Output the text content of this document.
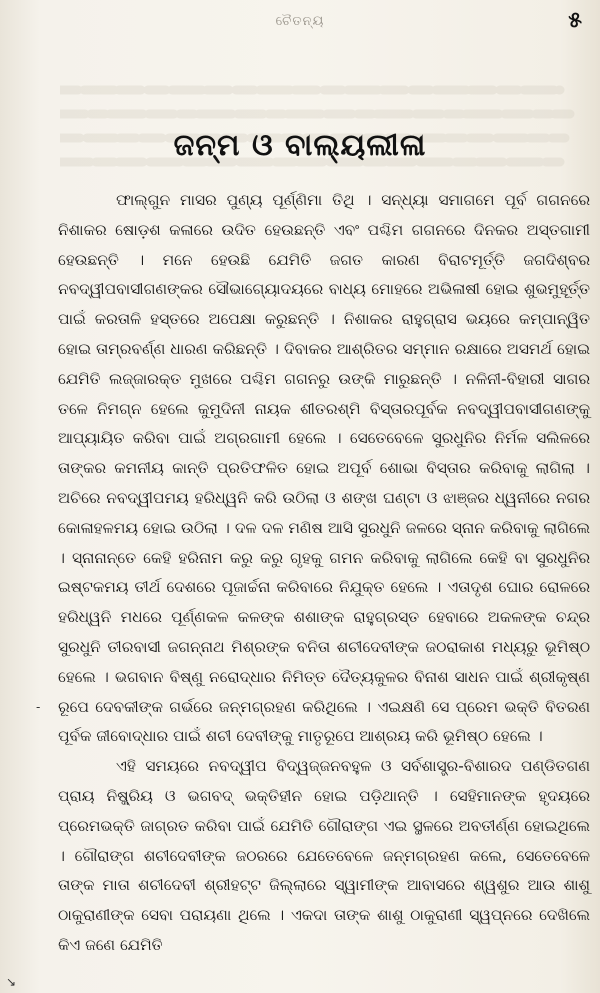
ଚୈତନ୍ୟ	୫
ଜନ୍ମ ଓ ବାଲ୍ୟଲୀଳା

ଫାଲ୍‌ଗୁନ ମାସର ପୁଣ୍ୟ ପୂର୍ଣ୍ଣିମା ତିଥି । ସନ୍ଧ୍ୟା ସମାଗମେ ପୂର୍ବ ଗଗନରେ ନିଶାକର ଷୋଡ଼ଶ କଳାରେ ଉଦିତ ହେଉଛନ୍ତି ଏବଂ ପଶ୍ଚିମ ଗଗନରେ ଦିନକର ଅସ୍ତଗାମୀ ହେଉଛନ୍ତି । ମନେ ହେଉଛି ଯେମିତି ଜଗତ କାରଣ ବିରାଟମୂର୍ତ୍ତି ଜଗଦିଶ୍ବର ନବଦ୍ୱୀପବାସୀଗଣଙ୍କର ସୌଭାଗ୍ୟୋଦୟରେ ବାଧ୍ୟ ମୋହରେ ଅଭିଳାଷୀ ହୋଇ ଶୁଭମୁହୂର୍ତ୍ତ ପାଇଁ କରତାଳି ହସ୍ତରେ ଅପେକ୍ଷା କରୁଛନ୍ତି । ନିଶାକର ରାହୁଗ୍ରାସ ଭୟରେ କମ୍ପାନ୍ୱିତ ହୋଇ ତାମ୍ରବର୍ଣ୍ଣ ଧାରଣ କରିଛନ୍ତି । ଦିବାକର ଆଶ୍ରିତର ସମ୍ମାନ ରକ୍ଷାରେ ଅସମର୍ଥ ହୋଇ ଯେମିତି ଲଜ୍ଜାରକ୍ତ ମୁଖରେ ପଶ୍ଚିମ ଗଗନରୁ ଉଙ୍କି ମାରୁଛନ୍ତି । ନଳିନୀ-ବିହାରୀ ସାଗର ତଳେ ନିମଗ୍ନ ହେଲେ କୁମୁଦିନୀ ନାୟକ ଶୀତରଶ୍ମି ବିସ୍ତାରପୂର୍ବକ ନବଦ୍ୱୀପବାସୀଗଣଙ୍କୁ ଆପ୍ୟାୟିତ କରିବା ପାଇଁ ଅଗ୍ରଗାମୀ ହେଲେ । ସେତେବେଳେ ସୁରଧୁନିର ନିର୍ମଳ ସଲିଳରେ ତାଙ୍କର କମନୀୟ କାନ୍ତି ପ୍ରତିଫଳିତ ହୋଇ ଅପୂର୍ବ ଶୋଭା ବିସ୍ତାର କରିବାକୁ ଲାଗିଲା । ଅଚିରେ ନବଦ୍ୱୀପମୟ ହରିଧ୍ୱନି କରି ଉଠିଲା ଓ ଶଙ୍ଖ ଘଣ୍ଟା ଓ ଝାଞ୍ଜର ଧ୍ୱନୀରେ ନଗର କୋଳାହଳମୟ ହୋଇ ଉଠିଲା । ଦଳ ଦଳ ମଣିଷ ଆସି ସୁରଧୁନି ଜଳରେ ସ୍ନାନ କରିବାକୁ ଲାଗିଲେ । ସ୍ନାନାନ୍ତେ କେହି ହରିନାମ କରୁ କରୁ ଗୃହକୁ ଗମନ କରିବାକୁ ଲାଗିଲେ କେହି ବା ସୁରଧୁନିର ଇଷ୍ଟକମୟ ତୀର୍ଥ ଦେଶରେ ପୂଜାର୍ଚ୍ଚନା କରିବାରେ ନିଯୁକ୍ତ ହେଲେ । ଏତାଦୃଶ ଘୋର ରୋଳରେ ହରିଧ୍ୱନି ମଧରେ ପୂର୍ଣ୍ଣକଳ କଳଙ୍କ ଶଶାଙ୍କ ରାହୁଗ୍ରସ୍ତ ହେବାରେ ଅକଳଙ୍କ ଚନ୍ଦ୍ର ସୁରଧୁନି ତୀରବାସୀ ଜଗନ୍ନାଥ ମିଶ୍ରଙ୍କ ବନିତା ଶଚୀଦେବୀଙ୍କ ଜଠରାକାଶ ମଧ୍ୟରୁ ଭୂମିଷ୍ଠ ହେଲେ । ଭଗବାନ ବିଷ୍ଣୁ ନରୋଦ୍ଧାର ନିମିତ୍ତ ଦୈତ୍ୟକୁଳର ବିନାଶ ସାଧନ ପାଇଁ ଶ୍ରୀକୃଷ୍ଣ ରୂପେ ଦେବକୀଙ୍କ ଗର୍ଭରେ ଜନ୍ମଗ୍ରହଣ କରିଥିଲେ । ଏଇକ୍ଷଣି ସେ ପ୍ରେମ ଭକ୍ତି ବିତରଣ ପୂର୍ବକ ଜୀବୋଦ୍ଧାର ପାଇଁ ଶଚୀ ଦେବୀଙ୍କୁ ମାତୃରୂପେ ଆଶ୍ରୟ କରି ଭୂମିଷ୍ଠ ହେଲେ ।

ଏହି ସମୟରେ ନବଦ୍ୱୀପ ବିଦ୍ୱଜ୍ଜନବହୁଳ ଓ ସର୍ବଶାସ୍ତ୍ର-ବିଶାରଦ ପଣ୍ଡିତଗଣ ପ୍ରାୟ ନିଷ୍କ୍ରିୟ ଓ ଭଗବଦ୍ ଭକ୍ତିହୀନ ହୋଇ ପଡ଼ିଥାନ୍ତି । ସେହିମାନଙ୍କ ହୃଦୟରେ ପ୍ରେମଭକ୍ତି ଜାଗ୍ରତ କରିବା ପାଇଁ ଯେମିତି ଗୌରାଙ୍ଗ ଏଇ ସ୍ଥଳରେ ଅବତୀର୍ଣ୍ଣ ହୋଇଥିଲେ । ଗୌରାଙ୍ଗ ଶଚୀଦେବୀଙ୍କ ଜଠରରେ ଯେତେବେଳେ ଜନ୍ମଗ୍ରହଣ କଲେ, ସେତେବେଳେ ତାଙ୍କ ମାତା ଶଚୀଦେବୀ ଶ୍ରୀହଟ୍ଟ ଜିଲ୍ଲାରେ ସ୍ୱାମୀଙ୍କ ଆବାସରେ ଶ୍ୱଶୁର ଆଉ ଶାଶୁ ଠାକୁରାଣୀଙ୍କ ସେବା ପରାୟଣା ଥିଲେ । ଏକଦା ତାଙ୍କ ଶାଶୁ ଠାକୁରାଣୀ ସ୍ୱପ୍ନରେ ଦେଖିଲେ କିଏ ଜଣେ ଯେମିତି

‑
↘
